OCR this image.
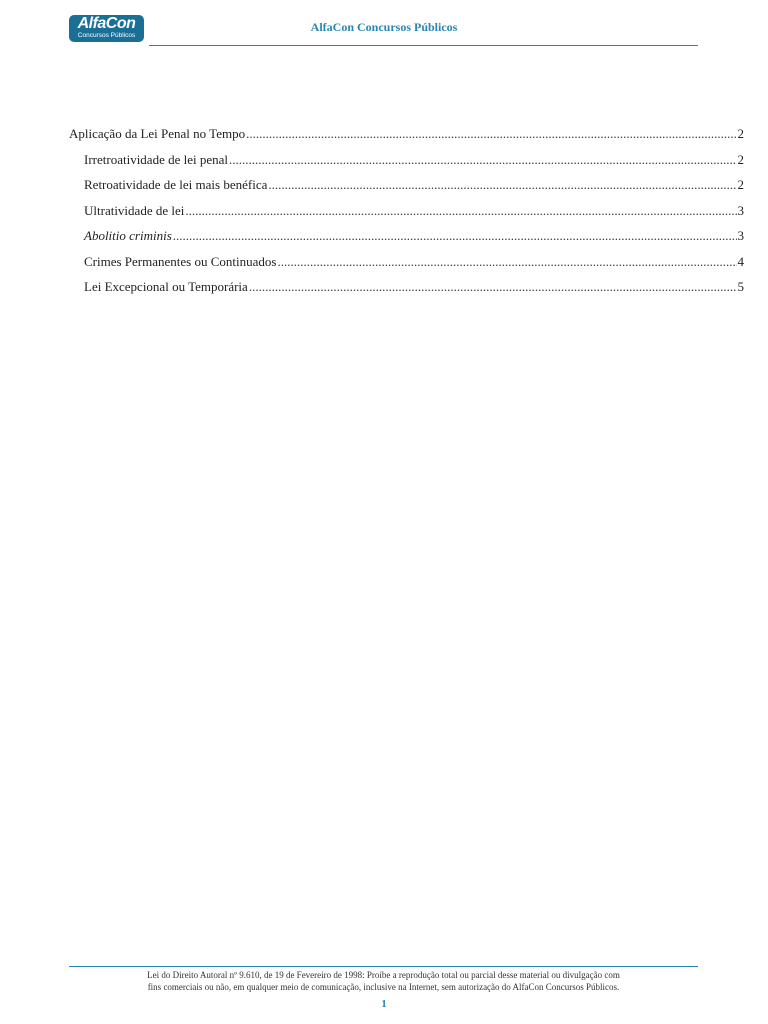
AlfaCon
Concursos Públicos
AlfaCon Concursos Públicos
Aplicação da Lei Penal no Tempo .....	2
Irretroatividade de lei penal .....	2
Retroatividade de lei mais benéfica .....	2
Ultratividade de lei .....	3
Abolitio criminis .....	3
Crimes Permanentes ou Continuados .....	4
Lei Excepcional ou Temporária .....	5
Lei do Direito Autoral nº 9.610, de 19 de Fevereiro de 1998: Proíbe a reprodução total ou parcial desse material ou divulgação com
fins comerciais ou não, em qualquer meio de comunicação, inclusive na Internet, sem autorização do AlfaCon Concursos Públicos.
1
